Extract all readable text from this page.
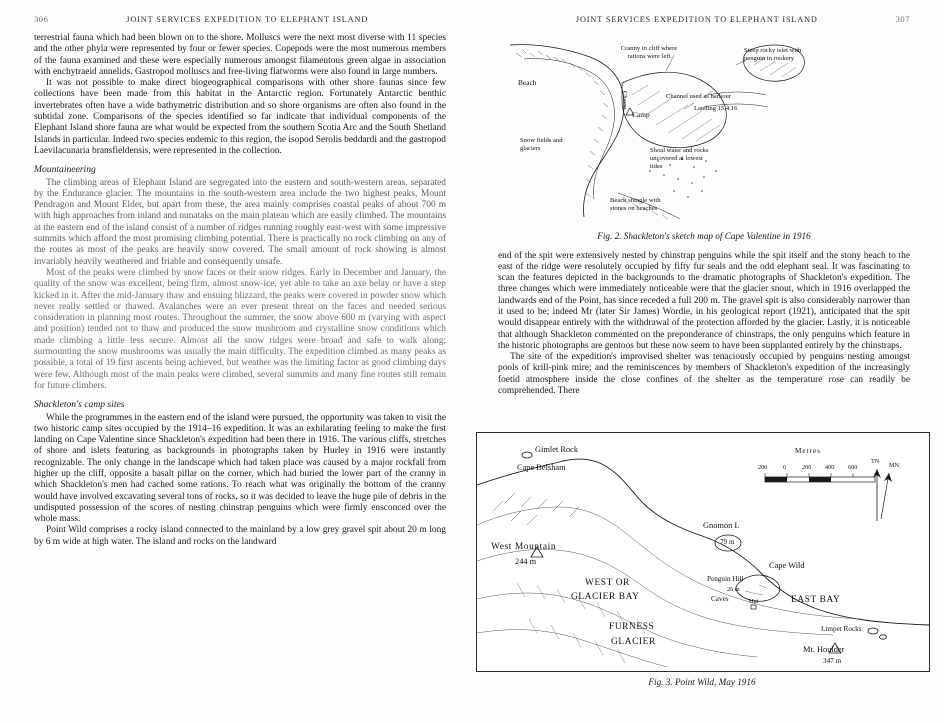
306	JOINT SERVICES EXPEDITION TO ELEPHANT ISLAND

terrestrial fauna which had been blown on to the shore. Molluscs were the next most diverse with 11 species and the other phyla were represented by four or fewer species. Copepods were the most numerous members of the fauna examined and these were especially numerous amongst filamentous green algae in association with enchytraeid annelids. Gastropod molluscs and free-living flatworms were also found in large numbers.

It was not possible to make direct biogeographical comparisons with other shore faunas since few collections have been made from this habitat in the Antarctic region. Fortunately Antarctic benthic invertebrates often have a wide bathymetric distribution and so shore organisms are often also found in the subtidal zone. Comparisons of the species identified so far indicate that individual components of the Elephant Island shore fauna are what would be expected from the southern Scotia Arc and the South Shetland Islands in particular. Indeed two species endemic to this region, the isopod Serolis beddardi and the gastropod Laevilacunaria bransfieldensis, were represented in the collection.

Mountaineering

The climbing areas of Elephant Island are segregated into the eastern and south-western areas, separated by the Endurance glacier. The mountains in the south-western area include the two highest peaks, Mount Pendragon and Mount Elder, but apart from these, the area mainly comprises coastal peaks of about 700 m with high approaches from inland and nunataks on the main plateau which are easily climbed. The mountains at the eastern end of the island consist of a number of ridges running roughly east-west with some impressive summits which afford the most promising climbing potential. There is practically no rock climbing on any of the routes as most of the peaks are heavily snow covered. The small amount of rock showing is almost invariably heavily weathered and friable and consequently unsafe.

Most of the peaks were climbed by snow faces or their snow ridges. Early in December and January, the quality of the snow was excellent, being firm, almost snow-ice, yet able to take an axe belay or have a step kicked in it. After the mid-January thaw and ensuing blizzard, the peaks were covered in powder snow which never really settled or thawed. Avalanches were an ever present threat on the faces and needed serious consideration in planning most routes. Throughout the summer, the snow above 600 m (varying with aspect and position) tended not to thaw and produced the snow mushroom and crystalline snow conditions which made climbing a little less secure. Almost all the snow ridges were broad and safe to walk along; surmounting the snow mushrooms was usually the main difficulty. The expedition climbed as many peaks as possible, a total of 19 first ascents being achieved, but weather was the limiting factor as good climbing days were few. Although most of the main peaks were climbed, several summits and many fine routes still remain for future climbers.

Shackleton's camp sites

While the programmes in the eastern end of the island were pursued, the opportunity was taken to visit the two historic camp sites occupied by the 1914–16 expedition. It was an exhilarating feeling to make the first landing on Cape Valentine since Shackleton's expedition had been there in 1916. The various cliffs, stretches of shore and islets featuring as backgrounds in photographs taken by Hurley in 1916 were instantly recognizable. The only change in the landscape which had taken place was caused by a major rockfall from higher up the cliff, opposite a basalt pillar on the corner, which had buried the lower part of the cranny in which Shackleton's men had cached some rations. To reach what was originally the bottom of the cranny would have involved excavating several tons of rocks, so it was decided to leave the huge pile of debris in the undisputed possession of the scores of nesting chinstrap penguins which were firmly ensconced over the whole mass.

Point Wild comprises a rocky island connected to the mainland by a low grey gravel spit about 20 m long by 6 m wide at high water. The island and rocks on the landward

307
JOINT SERVICES EXPEDITION TO ELEPHANT ISLAND
Beach
Cranny in cliff where rations were left
Steep rocky islet with penguin in rookery
Chasm	Channel used as harbour
Landing 15.4.16
Camp
Snow fields and glaciers	Shoal water and rocks uncovered at lowest tides
Beach shingle with stones on beaches

Fig. 2. Shackleton's sketch map of Cape Valentine in 1916

end of the spit were extensively nested by chinstrap penguins while the spit itself and the stony beach to the east of the ridge were resolutely occupied by fifty fur seals and the odd elephant seal. It was fascinating to scan the features depicted in the backgrounds to the dramatic photographs of Shackleton's expedition. The three changes which were immediately noticeable were that the glacier snout, which in 1916 overlapped the landwards end of the Point, has since receded a full 200 m. The gravel spit is also considerably narrower than it used to be; indeed Mr (later Sir James) Wordie, in his geological report (1921), anticipated that the spit would disappear entirely with the withdrawal of the protection afforded by the glacier. Lastly, it is noticeable that although Shackleton commented on the preponderance of chinstraps, the only penguins which feature in the historic photographs are gentoos but these now seem to have been supplanted entirely by the chinstraps.

The site of the expedition's improvised shelter was tenaciously occupied by penguins nesting amongst pools of krill-pink mire; and the reminiscences by members of Shackleton's expedition of the increasingly foetid atmosphere inside the close confines of the shelter as the temperature rose can readily be comprehended. There

Metres
200	0	200 400 600
TN
MN
Gimlet Rock
Cape Belsham
West Mountain
244 m
Gnomon I.
79 m
Cape Wild
Penguin Hill
26 m
Caves	Hut	EAST BAY
WEST OR
GLACIER BAY
FURNESS
GLACIER
Limpet Rocks
Mt. Houlder
347 m
Fig. 3. Point Wild, May 1916
